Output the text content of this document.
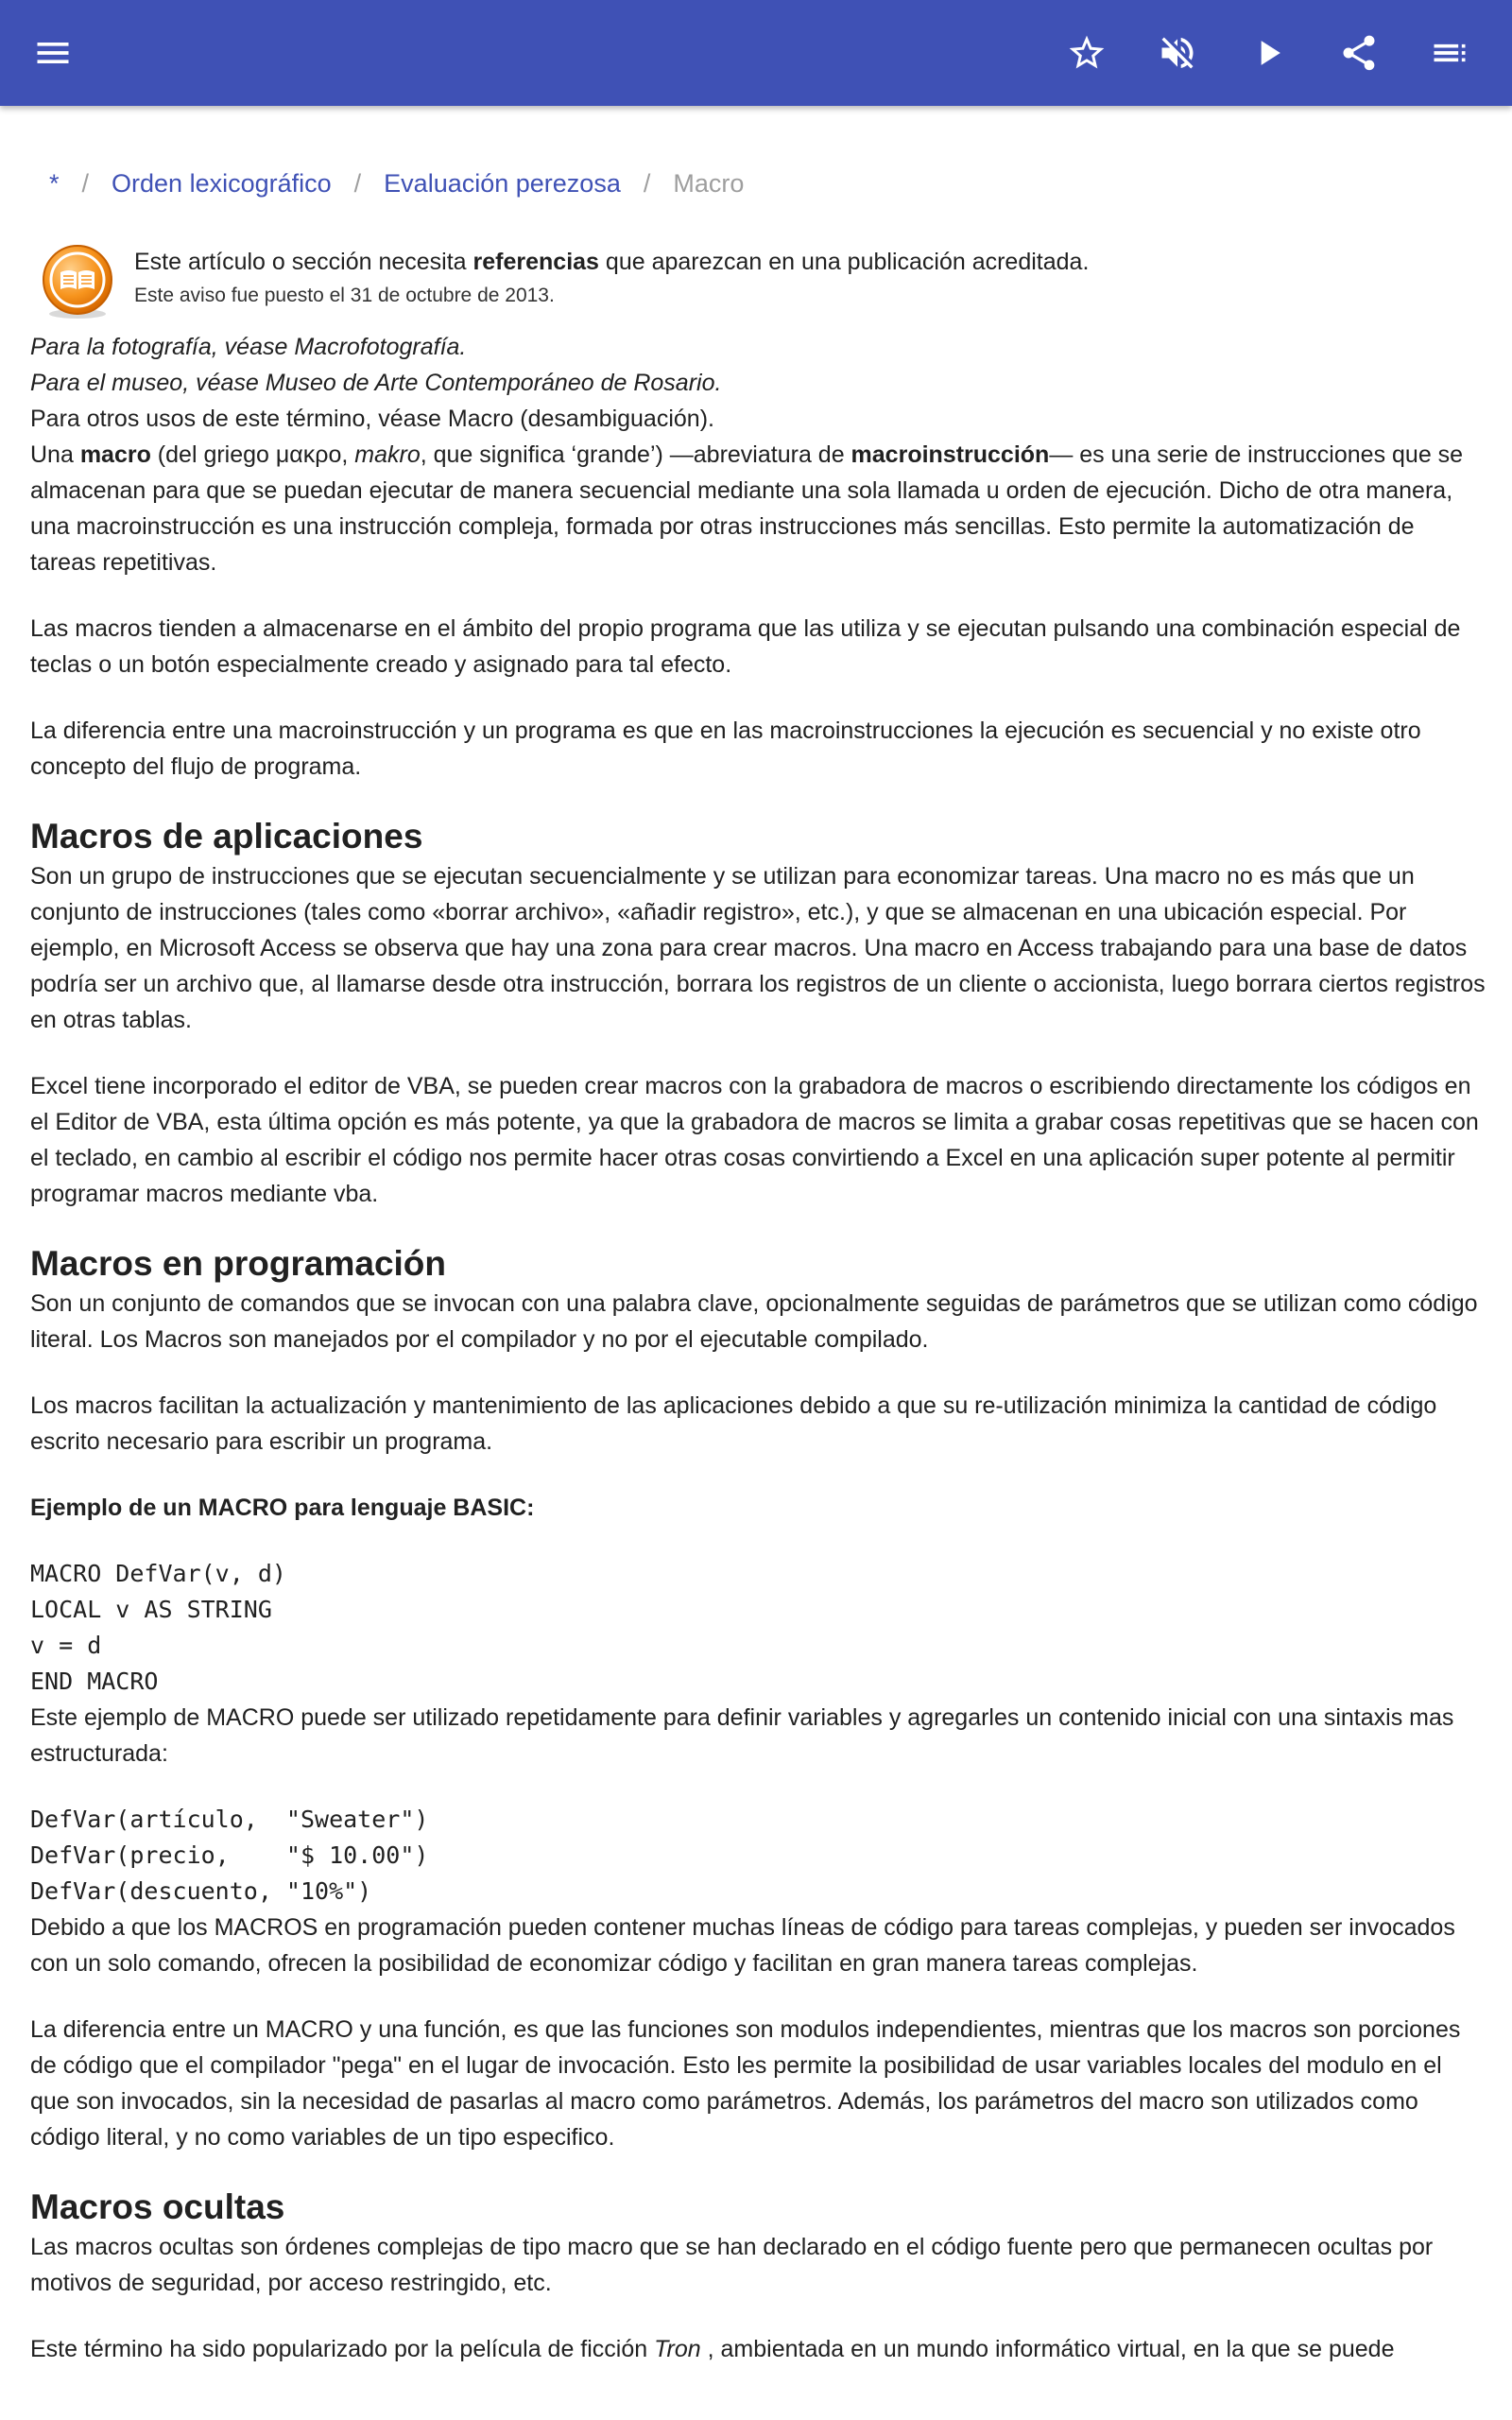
* / Orden lexicográfico / Evaluación perezosa / Macro
Este artículo o sección necesita referencias que aparezcan en una publicación acreditada.
Este aviso fue puesto el 31 de octubre de 2013.
Para la fotografía, véase Macrofotografía.
Para el museo, véase Museo de Arte Contemporáneo de Rosario.
Para otros usos de este término, véase Macro (desambiguación).

Una macro (del griego μακρο, makro, que significa ‘grande’) —abreviatura de macroinstrucción— es una serie de instrucciones que se almacenan para que se puedan ejecutar de manera secuencial mediante una sola llamada u orden de ejecución. Dicho de otra manera, una macroinstrucción es una instrucción compleja, formada por otras instrucciones más sencillas. Esto permite la automatización de tareas repetitivas.

Las macros tienden a almacenarse en el ámbito del propio programa que las utiliza y se ejecutan pulsando una combinación especial de teclas o un botón especialmente creado y asignado para tal efecto.

La diferencia entre una macroinstrucción y un programa es que en las macroinstrucciones la ejecución es secuencial y no existe otro concepto del flujo de programa.

Macros de aplicaciones

Son un grupo de instrucciones que se ejecutan secuencialmente y se utilizan para economizar tareas. Una macro no es más que un conjunto de instrucciones (tales como «borrar archivo», «añadir registro», etc.), y que se almacenan en una ubicación especial. Por ejemplo, en Microsoft Access se observa que hay una zona para crear macros. Una macro en Access trabajando para una base de datos podría ser un archivo que, al llamarse desde otra instrucción, borrara los registros de un cliente o accionista, luego borrara ciertos registros en otras tablas.

Excel tiene incorporado el editor de VBA, se pueden crear macros con la grabadora de macros o escribiendo directamente los códigos en el Editor de VBA, esta última opción es más potente, ya que la grabadora de macros se limita a grabar cosas repetitivas que se hacen con el teclado, en cambio al escribir el código nos permite hacer otras cosas convirtiendo a Excel en una aplicación super potente al permitir programar macros mediante vba.

Macros en programación

Son un conjunto de comandos que se invocan con una palabra clave, opcionalmente seguidas de parámetros que se utilizan como código literal. Los Macros son manejados por el compilador y no por el ejecutable compilado.

Los macros facilitan la actualización y mantenimiento de las aplicaciones debido a que su re-utilización minimiza la cantidad de código escrito necesario para escribir un programa.

Ejemplo de un MACRO para lenguaje BASIC:
MACRO DefVar(v, d)
LOCAL v AS STRING
v = d
END MACRO

Este ejemplo de MACRO puede ser utilizado repetidamente para definir variables y agregarles un contenido inicial con una sintaxis mas estructurada:

DefVar(artículo,  "Sweater")
DefVar(precio,    "$ 10.00")
DefVar(descuento, "10%")

Debido a que los MACROS en programación pueden contener muchas líneas de código para tareas complejas, y pueden ser invocados con un solo comando, ofrecen la posibilidad de economizar código y facilitan en gran manera tareas complejas.

La diferencia entre un MACRO y una función, es que las funciones son modulos independientes, mientras que los macros son porciones de código que el compilador "pega" en el lugar de invocación. Esto les permite la posibilidad de usar variables locales del modulo en el que son invocados, sin la necesidad de pasarlas al macro como parámetros. Además, los parámetros del macro son utilizados como código literal, y no como variables de un tipo especifico.

Macros ocultas

Las macros ocultas son órdenes complejas de tipo macro que se han declarado en el código fuente pero que permanecen ocultas por motivos de seguridad, por acceso restringido, etc.

Este término ha sido popularizado por la película de ficción Tron , ambientada en un mundo informático virtual, en la que se puede
